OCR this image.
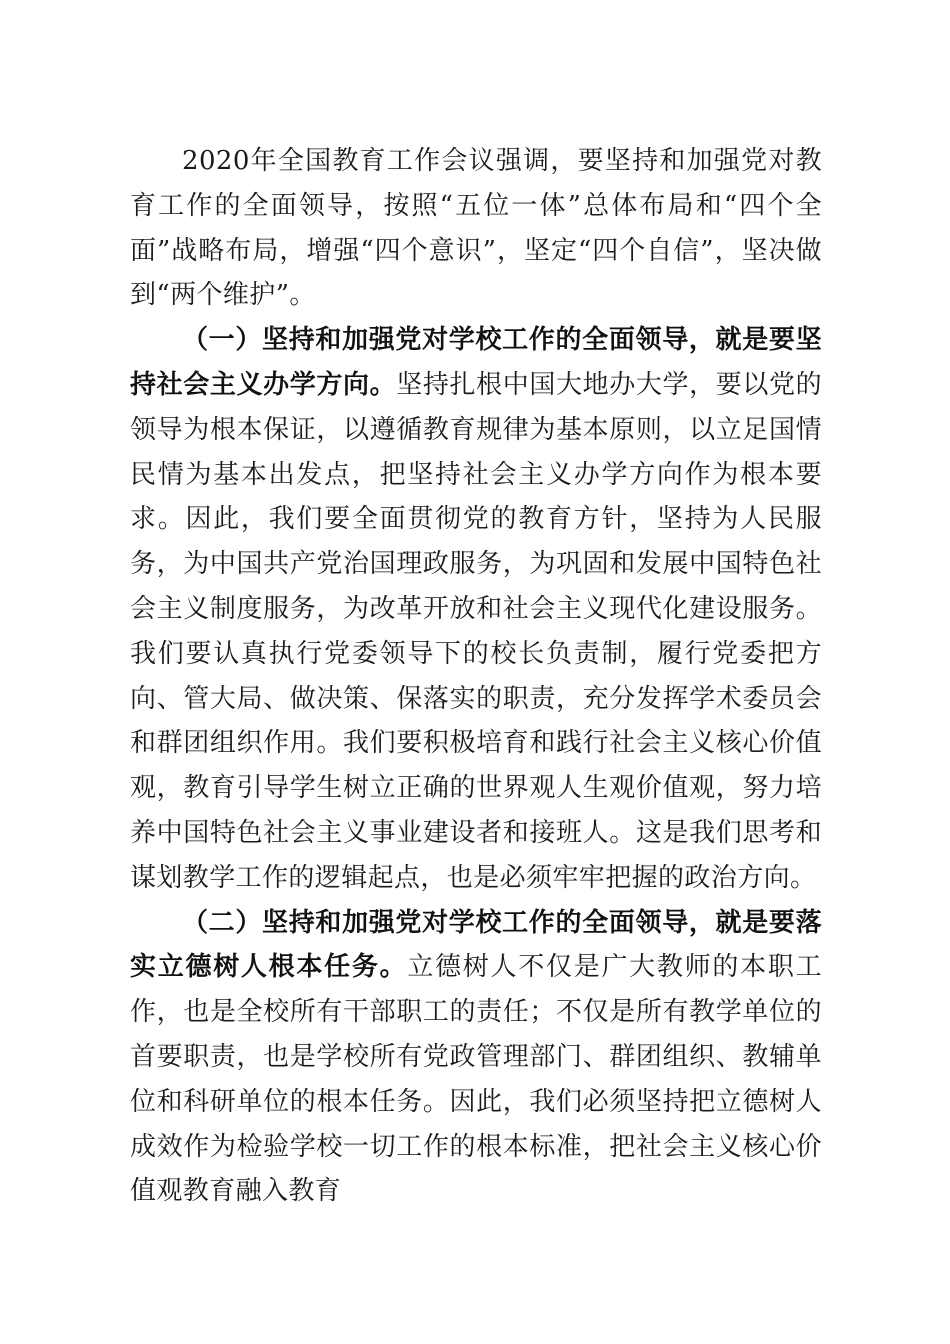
2020年全国教育工作会议强调，要坚持和加强党对教育工作的全面领导，按照“五位一体”总体布局和“四个全面”战略布局，增强“四个意识”，坚定“四个自信”，坚决做到“两个维护”。

（一）坚持和加强党对学校工作的全面领导，就是要坚持社会主义办学方向。坚持扎根中国大地办大学，要以党的领导为根本保证，以遵循教育规律为基本原则，以立足国情民情为基本出发点，把坚持社会主义办学方向作为根本要求。因此，我们要全面贯彻党的教育方针，坚持为人民服务，为中国共产党治国理政服务，为巩固和发展中国特色社会主义制度服务，为改革开放和社会主义现代化建设服务。我们要认真执行党委领导下的校长负责制，履行党委把方向、管大局、做决策、保落实的职责，充分发挥学术委员会和群团组织作用。我们要积极培育和践行社会主义核心价值观，教育引导学生树立正确的世界观人生观价值观，努力培养中国特色社会主义事业建设者和接班人。这是我们思考和谋划教学工作的逻辑起点，也是必须牢牢把握的政治方向。

（二）坚持和加强党对学校工作的全面领导，就是要落实立德树人根本任务。立德树人不仅是广大教师的本职工作，也是全校所有干部职工的责任；不仅是所有教学单位的首要职责，也是学校所有党政管理部门、群团组织、教辅单位和科研单位的根本任务。因此，我们必须坚持把立德树人成效作为检验学校一切工作的根本标准，把社会主义核心价值观教育融入教育
